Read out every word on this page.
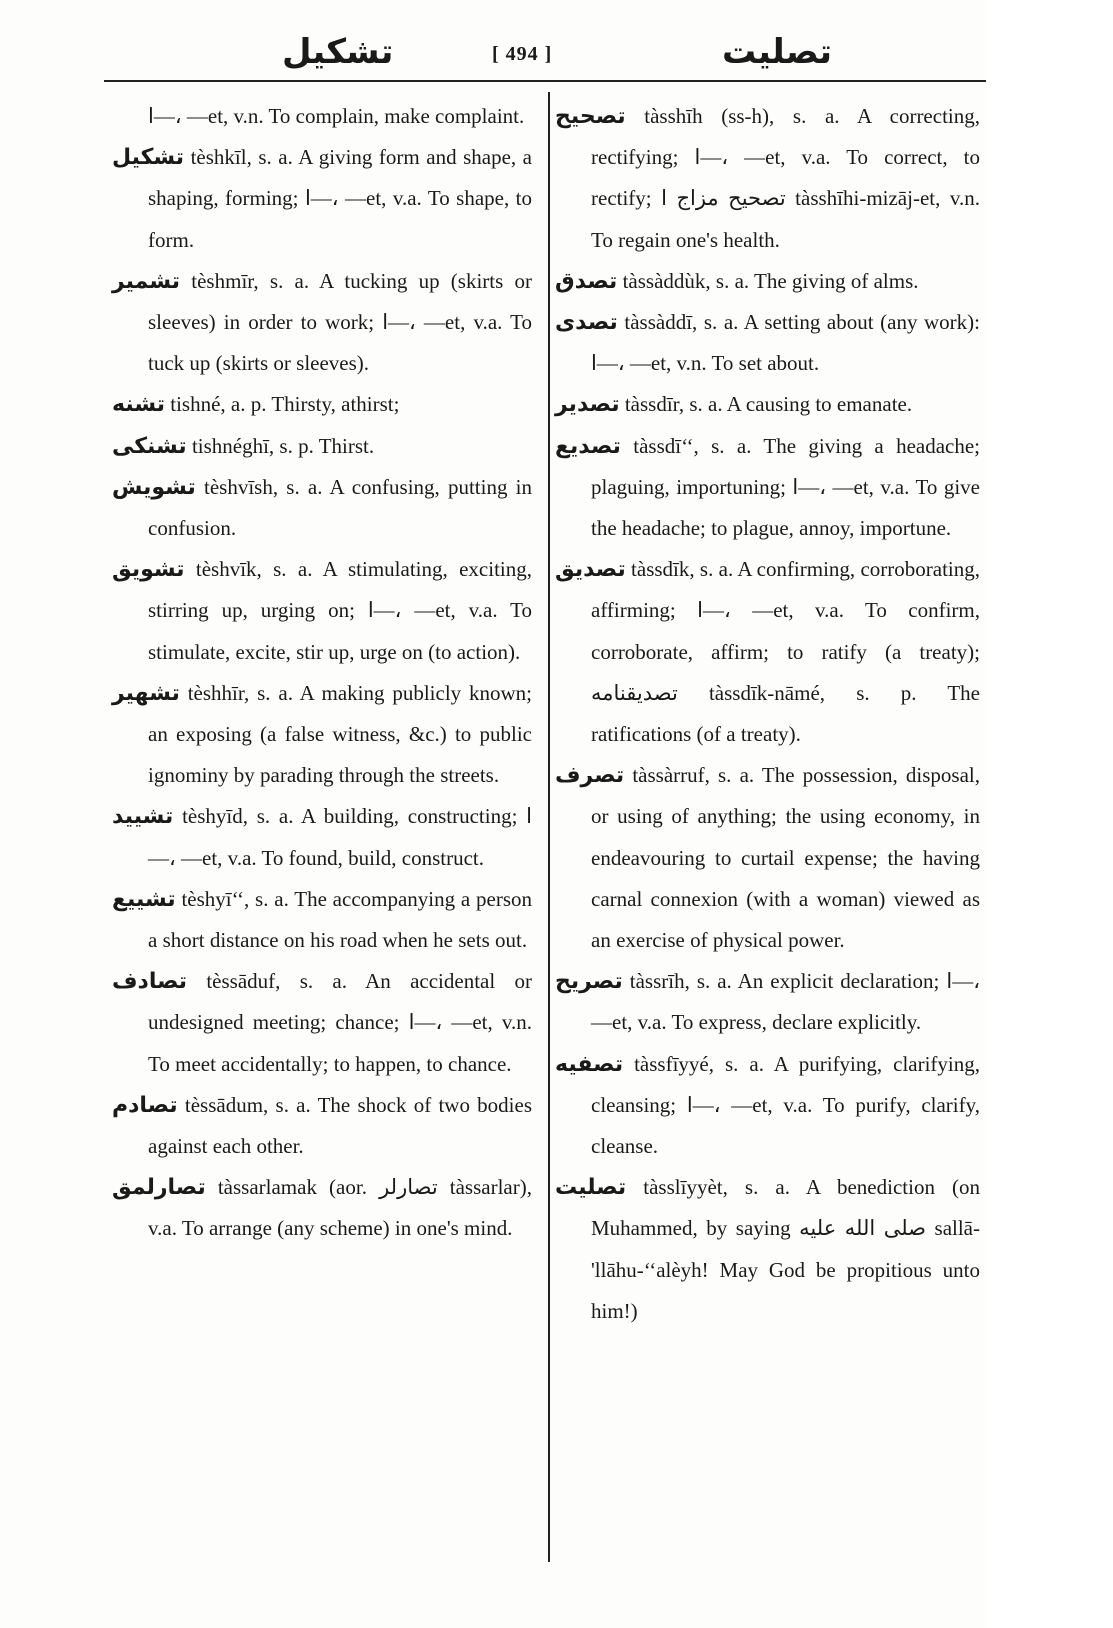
تشكيل	[ 494 ]	تصليت

ا—، —et, v.n. To complain, make complaint.

تشكيل tèshkīl, s. a. A giving form and shape, a shaping, forming; ا—، —et, v.a. To shape, to form.

تشمير tèshmīr, s. a. A tucking up (skirts or sleeves) in order to work; ا—، —et, v.a. To tuck up (skirts or sleeves).

تشنه tishné, a. p. Thirsty, athirst;

تشنكى tishnéghī, s. p. Thirst.

تشويش tèshvīsh, s. a. A confusing, putting in confusion.

تشويق tèshvīk, s. a. A stimulating, exciting, stirring up, urging on; ا—، —et, v.a. To stimulate, excite, stir up, urge on (to action).

تشهير tèshhīr, s. a. A making publicly known; an exposing (a false witness, &c.) to public ignominy by parading through the streets.

تشييد tèshyīd, s. a. A building, constructing; ا—، —et, v.a. To found, build, construct.

تشييع tèshyī‘‘, s. a. The accompanying a person a short distance on his road when he sets out.

تصادف tèssāduf, s. a. An accidental or undesigned meeting; chance; ا—، —et, v.n. To meet accidentally; to happen, to chance.

تصادم tèssādum, s. a. The shock of two bodies against each other.

تصارلمق tàssarlamak (aor. تصارلر tàssarlar), v.a. To arrange (any scheme) in one's mind.

تصحيح tàsshīh (ss-h), s. a. A correcting, rectifying; ا—، —et, v.a. To correct, to rectify; تصحيح مزاج ا tàsshīhi-mizāj-et, v.n. To regain one's health.

تصدق tàssàddùk, s. a. The giving of alms.

تصدى tàssàddī, s. a. A setting about (any work): ا—، —et, v.n. To set about.

تصدير tàssdīr, s. a. A causing to emanate.

تصديع tàssdī‘‘, s. a. The giving a headache; plaguing, importuning; ا—، —et, v.a. To give the headache; to plague, annoy, importune.

تصديق tàssdīk, s. a. A confirming, corroborating, affirming; ا—، —et, v.a. To confirm, corroborate, affirm; to ratify (a treaty); تصديقنامه tàssdīk-nāmé, s. p. The ratifications (of a treaty).

تصرف tàssàrruf, s. a. The possession, disposal, or using of anything; the using economy, in endeavouring to curtail expense; the having carnal connexion (with a woman) viewed as an exercise of physical power.

تصريح tàssrīh, s. a. An explicit declaration; ا—، —et, v.a. To express, declare explicitly.

تصفيه tàssfīyyé, s. a. A purifying, clarifying, cleansing; ا—، —et, v.a. To purify, clarify, cleanse.

تصليت tàsslīyyèt, s. a. A benediction (on Muhammed, by saying صلى الله عليه sallā-'llāhu-‘‘alèyh! May God be propitious unto him!)
